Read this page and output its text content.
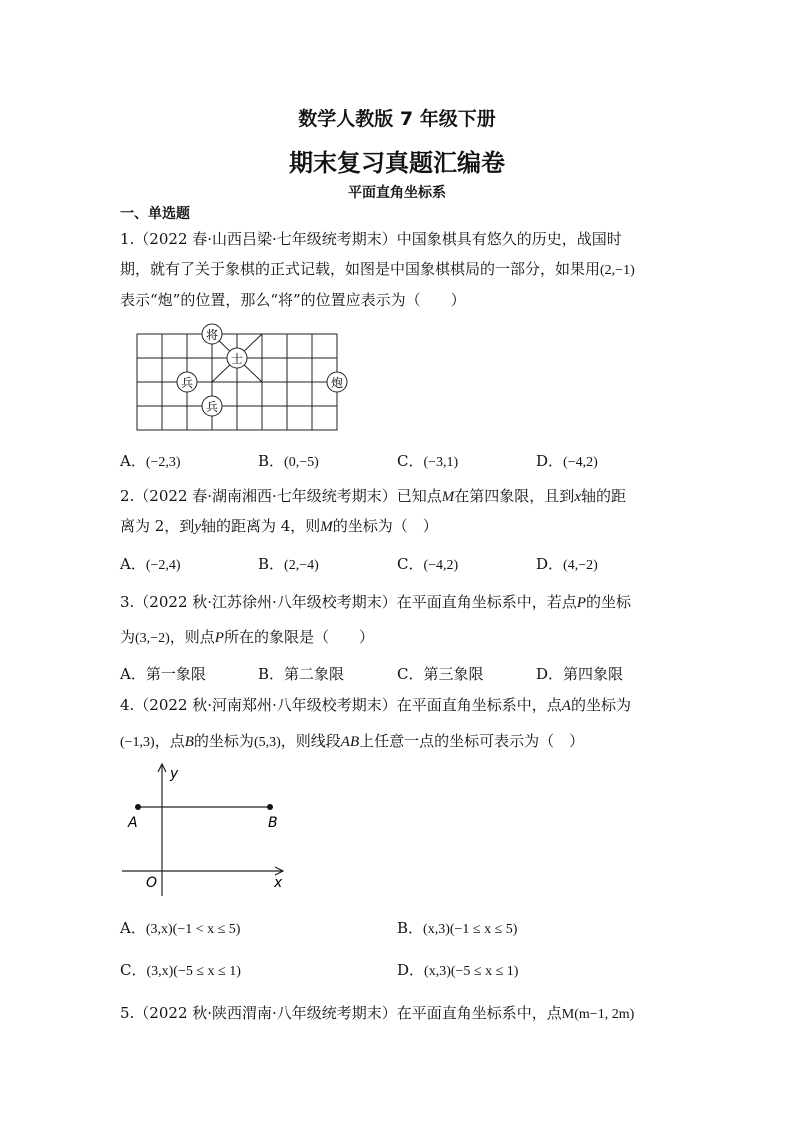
数学人教版 7 年级下册
期末复习真题汇编卷
平面直角坐标系
一、单选题
1.（2022 春·山西吕梁·七年级统考期末）中国象棋具有悠久的历史，战国时
期，就有了关于象棋的正式记载，如图是中国象棋棋局的一部分，如果用(2,−1)
表示“炮”的位置，那么“将”的位置应表示为（　　）
将
士
兵
兵
炮
A．(−2,3)	B．(0,−5)	C．(−3,1)	D．(−4,2)
2.（2022 春·湖南湘西·七年级统考期末）已知点M在第四象限，且到x轴的距
离为 2，到y轴的距离为 4，则M的坐标为（　）
A．(−2,4)	B．(2,−4)	C．(−4,2)	D．(4,−2)
3.（2022 秋·江苏徐州·八年级校考期末）在平面直角坐标系中，若点P的坐标
为(3,−2)，则点P所在的象限是（　　）
A．第一象限	B．第二象限	C．第三象限	D．第四象限
4.（2022 秋·河南郑州·八年级校考期末）在平面直角坐标系中，点A的坐标为
(−1,3)，点B的坐标为(5,3)，则线段AB上任意一点的坐标可表示为（　）
y
x
O
A	B
A．(3,x)(−1 < x ≤ 5)	B．(x,3)(−1 ≤ x ≤ 5)
C．(3,x)(−5 ≤ x ≤ 1)	D．(x,3)(−5 ≤ x ≤ 1)
5.（2022 秋·陕西渭南·八年级统考期末）在平面直角坐标系中，点M(m−1, 2m)
